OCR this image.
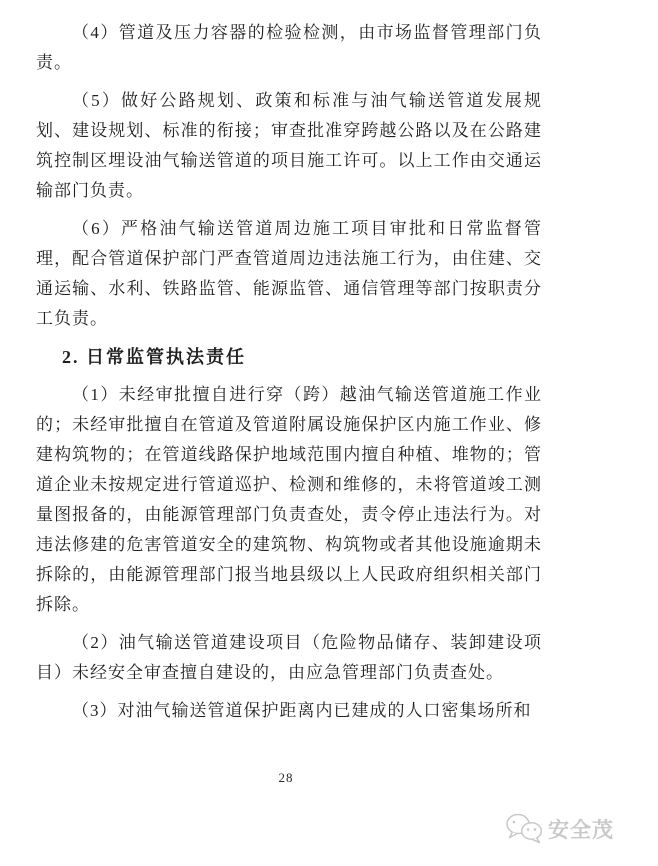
（4）管道及压力容器的检验检测，由市场监督管理部门负责。

（5）做好公路规划、政策和标准与油气输送管道发展规划、建设规划、标准的衔接；审查批准穿跨越公路以及在公路建筑控制区埋设油气输送管道的项目施工许可。以上工作由交通运输部门负责。

（6）严格油气输送管道周边施工项目审批和日常监督管理，配合管道保护部门严查管道周边违法施工行为，由住建、交通运输、水利、铁路监管、能源监管、通信管理等部门按职责分工负责。

2. 日常监管执法责任

（1）未经审批擅自进行穿（跨）越油气输送管道施工作业的；未经审批擅自在管道及管道附属设施保护区内施工作业、修建构筑物的；在管道线路保护地域范围内擅自种植、堆物的；管道企业未按规定进行管道巡护、检测和维修的，未将管道竣工测量图报备的，由能源管理部门负责查处，责令停止违法行为。对违法修建的危害管道安全的建筑物、构筑物或者其他设施逾期未拆除的，由能源管理部门报当地县级以上人民政府组织相关部门拆除。

（2）油气输送管道建设项目（危险物品储存、装卸建设项目）未经安全审查擅自建设的，由应急管理部门负责查处。

（3）对油气输送管道保护距离内已建成的人口密集场所和

28
安全茂
